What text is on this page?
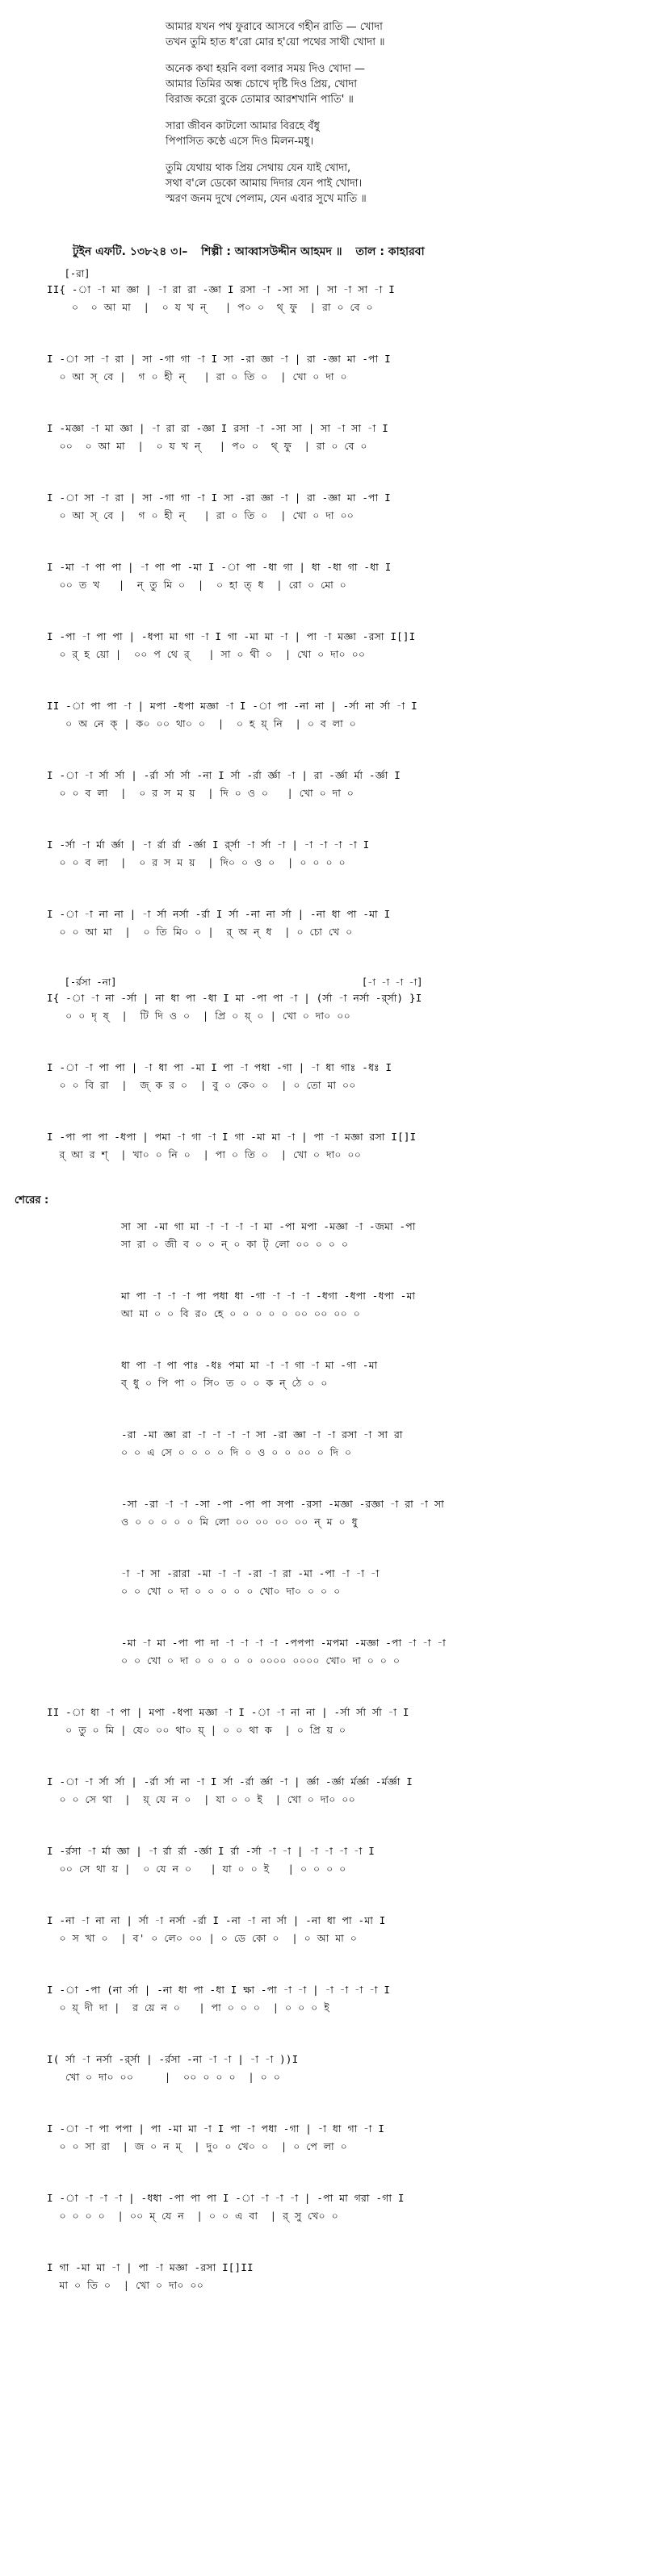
আমার যখন পথ ফুরাবে আসবে গহীন রাতি — খোদা
তখন তুমি হাত ধ'রো মোর হ'য়ো পথের সাথী খোদা ॥
অনেক কথা হয়নি বলা বলার সময় দিও খোদা —
আমার তিমির অন্ধ চোখে দৃষ্টি দিও প্রিয়, খোদা
বিরাজ করো বুকে তোমার আরশখানি পাতি' ॥
সারা জীবন কাটলো আমার বিরহে বঁধু
পিপাসিত কণ্ঠে এসে দিও মিলন-মধু।
তুমি যেথায় থাক প্রিয় সেথায় যেন যাই খোদা,
সথা ব'লে ডেকো আমায় দিদার যেন পাই খোদা।
স্মরণ জনম দুখে পেলাম, যেন এবার সুখে মাতি ॥
টুইন এফটি. ১৩৮২৪ ৩।– শিল্পী : আব্বাসউদ্দীন আহমদ ॥ তাল : কাহারবা
[-রা]
II{ -া -া মা জ্ঞা | -া রা রা -জ্ঞা I রসা -া -সা সা | সা -া সা -া I
০  ০ আ মা  |  ০ য খ ন্   | প০ ০  থ্ ফু  | রা ০ বে ০
I -া সা -া রা | সা -গা গা -া I সা -রা জ্ঞা -া | রা -জ্ঞা মা -পা I
০ আ স্ বে |  গ ০ হী ন্   | রা ০ তি ০  | খো ০ দা ০
I -মজ্ঞা -া মা জ্ঞা | -া রা রা -জ্ঞা I রসা -া -সা সা | সা -া সা -া I
০০  ০ আ মা  |  ০ য খ ন্   | প০ ০  থ্ ফু  | রা ০ বে ০
I -া সা -া রা | সা -গা গা -া I সা -রা জ্ঞা -া | রা -জ্ঞা মা -পা I
০ আ স্ বে |  গ ০ হী ন্   | রা ০ তি ০  | খো ০ দা ০০
I -মা -া পা পা | -া পা পা -মা I -া পা -ধা গা | ধা -ধা গা -ধা I
০০ ত খ   |  ন্ তু মি ০  |  ০ হা ত্ ধ  | রো ০ মো ০
I -পা -া পা পা | -ধপা মা গা -া I গা -মা মা -া | পা -া মজ্ঞা -রসা I[]I
০ র্ হ য়ো |  ০০ প থে র্   | সা ০ থী ০  | খো ০ দা০ ০০
II -া পা পা -া | মপা -ধপা মজ্ঞা -া I -া পা -না না | -র্সা না র্সা -া I
০ অ নে ক্ | ক০ ০০ থা০ ০  |  ০ হ য়্ নি  | ০ ব লা ০
I -া -া র্সা র্সা | -র্রা র্সা র্সা -না I র্সা -র্রা র্জ্ঞা -া | রা -র্জ্ঞা র্মা -র্জ্ঞা I
০ ০ ব লা  |  ০ র স ম য়  | দি ০ ও ০   | খো ০ দা ০
I -র্সা -া র্মা র্জ্ঞা | -া র্রা র্রা -র্জ্ঞা I র্র্সা -া র্সা -া | -া -া -া -া I
০ ০ ব লা  |  ০ র স ম য়  | দি০ ০ ও ০  | ০ ০ ০ ০
I -া -া না না | -া র্সা নর্সা -র্রা I র্সা -না না র্সা | -না ধা পা -মা I
০ ০ আ মা  |  ০ তি মি০ ০ |  র্ অ ন্ ধ  | ০ চো খে ০
[-র্রসা -না]                                          [-া -া -া -া]
I{ -া -া না -র্সা | না ধা পা -ধা I মা -পা পা -া | (র্সা -া নর্সা -র্র্সা) }I
০ ০ দৃ ষ্  |  টি দি ও ০  | প্রি ০ য়্ ০ | খো ০ দা০ ০০
I -া -া পা পা | -া ধা পা -মা I পা -া পধা -গা | -া ধা গাঃ -ধঃ I
০ ০ বি রা  |  জ্ ক র ০  | বু ০ কে০ ০  | ০ তো মা ০০
I -পা পা পা -ধপা | পমা -া গা -া I গা -মা মা -া | পা -া মজ্ঞা রসা I[]I
র্ আ র শ্  | খা০ ০ নি ০  | পা ০ তি ০  | খো ০ দা০ ০০
শেরের :
সা সা -মা গা মা -া -া -া -া মা -পা মপা -মজ্ঞা -া -জমা -পা
সা রা ০ জী ব ০ ০ ন্ ০ কা ট্ লো ০০ ০ ০ ০
মা পা -া -া -া পা পধা ধা -গা -া -া -া -ধগা -ধপা -ধপা -মা
আ মা ০ ০ বি র০ হে ০ ০ ০ ০ ০ ০০ ০০ ০০ ০
ধা পা -া পা পাঃ -ধঃ পমা মা -া -া গা -া মা -গা -মা
ব্ ধু ০ পি পা ০ সি০ ত ০ ০ ক ন্ ঠে ০ ০
-রা -মা জ্ঞা রা -া -া -া -া সা -রা জ্ঞা -া -া রসা -া সা রা
০ ০ এ সে ০ ০ ০ ০ দি ০ ও ০ ০ ০০ ০ দি ০
-সা -রা -া -া -সা -পা -পা পা সপা -রসা -মজ্ঞা -রজ্ঞা -া রা -া সা
ও ০ ০ ০ ০ ০ মি লো ০০ ০০ ০০ ০০ ন্ ম ০ ধু
-া -া সা -রারা -মা -া -া -রা -া রা -মা -পা -া -া -া
০ ০ খো ০ দা ০ ০ ০ ০ ০ খো০ দা০ ০ ০ ০
-মা -া মা -পা পা দা -া -া -া -া -পপপা -মপমা -মজ্ঞা -পা -া -া -া
০ ০ খো ০ দা ০ ০ ০ ০ ০ ০০০০ ০০০০ খো০ দা ০ ০ ০
II -া ধা -া পা | মপা -ধপা মজ্ঞা -া I -া -া না না | -র্সা র্সা র্সা -া I
০ তু ০ মি | যে০ ০০ থা০ য়্ | ০ ০ থা ক  | ০ প্রি য় ০
I -া -া র্সা র্সা | -র্রা র্সা না -া I র্সা -র্রা র্জ্ঞা -া | র্জ্ঞা -র্জ্ঞা র্মর্জ্ঞা -র্মর্জ্ঞা I
০ ০ সে থা  |  য়্ যে ন ০  | যা ০ ০ ই  | খো ০ দা০ ০০
I -র্রসা -া র্মা জ্ঞা | -া র্রা র্রা -র্জ্ঞা I র্রা -র্সা -া -া | -া -া -া -া I
০০ সে থা য় |  ০ যে ন ০   | যা ০ ০ ই   | ০ ০ ০ ০
I -না -া না না | র্সা -া নর্সা -র্রা I -না -া না র্সা | -না ধা পা -মা I
০ স খা ০  | ব' ০ লে০ ০০ | ০ ডে কো ০  | ০ আ মা ০
I -া -পা (না র্সা | -না ধা পা -ধা I ক্ষা -পা -া -া | -া -া -া -া I
০ য়্ দী দা |  র য়ে ন ০   | পা ০ ০ ০  | ০ ০ ০ ই
I( র্সা -া নর্সা -র্র্সা | -র্রসা -না -া -া | -া -া ))I
খো ০ দা০ ০০     |  ০০ ০ ০ ০  | ০ ০
I -া -া পা পপা | পা -মা মা -া I পা -া পধা -গা | -া ধা গা -া I
০ ০ সা রা  | জ ০ ন ম্  | দু০ ০ খে০ ০  | ০ পে লা ০
I -া -া -া -া | -ধধা -পা পা পা I -া -া -া -া | -পা মা গরা -গা I
০ ০ ০ ০  | ০০ ম্ যে ন  | ০ ০ এ বা  | র্ সু খে০ ০
I গা -মা মা -া | পা -া মজ্ঞা -রসা I[]II
মা ০ তি ০  | খো ০ দা০ ০০
